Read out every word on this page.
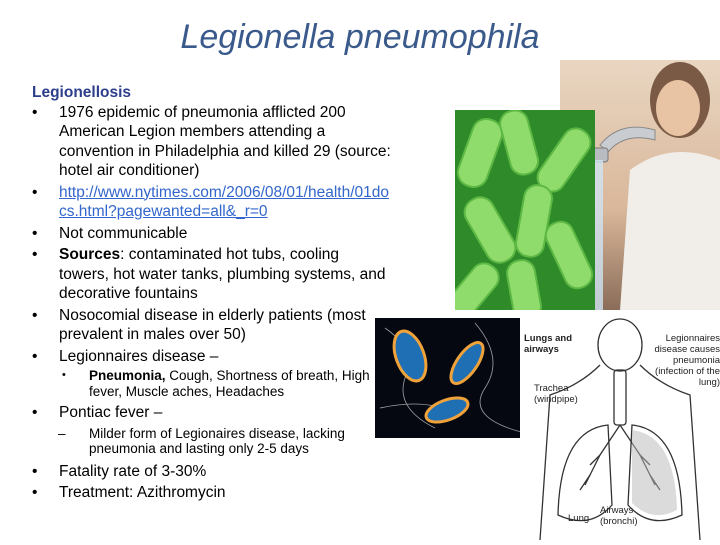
Legionella pneumophila
Legionellosis
• 1976 epidemic of pneumonia afflicted 200 American Legion members attending a convention in Philadelphia and killed 29 (source: hotel air conditioner)
• http://www.nytimes.com/2006/08/01/health/01docs.html?pagewanted=all&_r=0
• Not communicable
• Sources: contaminated hot tubs, cooling towers, hot water tanks, plumbing systems, and decorative fountains
• Nosocomial disease in elderly patients (most prevalent in males over 50)
• Legionnaires disease –
• Pneumonia, Cough, Shortness of breath, High fever, Muscle aches, Headaches
• Pontiac fever –
– Milder form of Legionaires disease, lacking pneumonia and lasting only 2-5 days
• Fatality rate of 3-30%
• Treatment: Azithromycin
Lungs and airways
Legionnaires disease causes pneumonia (infection of the lung)
Trachea (windpipe)
Airways (bronchi)
Lung
